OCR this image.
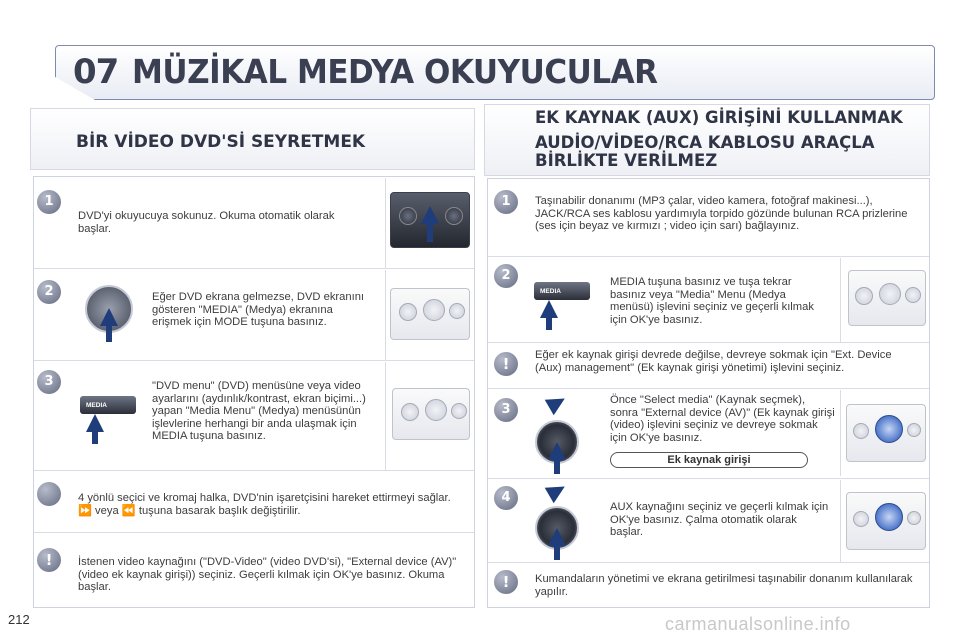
07 MÜZİKAL MEDYA OKUYUCULAR
BİR VİDEO DVD'Sİ SEYRETMEK
1
DVD'yi okuyucuya sokunuz. Okuma otomatik olarak başlar.
2	Eğer DVD ekrana gelmezse, DVD ekranını gösteren "MEDIA" (Medya) ekranına erişmek için MODE tuşuna basınız.
3
MEDIA
"DVD menu" (DVD) menüsüne veya video ayarlarını (aydınlık/kontrast, ekran biçimi...) yapan "Media Menu" (Medya) menüsünün işlevlerine herhangi bir anda ulaşmak için MEDIA tuşuna basınız.
4 yönlü seçici ve kromaj halka, DVD'nin işaretçisini hareket ettirmeyi sağlar. ⏩ veya ⏪ tuşuna basarak başlık değiştirilir.
!	İstenen video kaynağını ("DVD-Video" (video DVD'si), "External device (AV)" (video ek kaynak girişi)) seçiniz. Geçerli kılmak için OK'ye basınız. Okuma başlar.
EK KAYNAK (AUX) GİRİŞİNİ KULLANMAK
AUDİO/VİDEO/RCA KABLOSU ARAÇLA BİRLİKTE VERİLMEZ
1	Taşınabilir donanımı (MP3 çalar, video kamera, fotoğraf makinesi...), JACK/RCA ses kablosu yardımıyla torpido gözünde bulunan RCA prizlerine (ses için beyaz ve kırmızı ; video için sarı) bağlayınız.
2
MEDIA
MEDIA tuşuna basınız ve tuşa tekrar basınız veya "Media" Menu (Medya menüsü) işlevini seçiniz ve geçerli kılmak için OK'ye basınız.
!	Eğer ek kaynak girişi devrede değilse, devreye sokmak için "Ext. Device (Aux) management" (Ek kaynak girişi yönetimi) işlevini seçiniz.
3
Önce "Select media" (Kaynak seçmek), sonra "External device (AV)" (Ek kaynak girişi (video) işlevini seçiniz ve devreye sokmak için OK'ye basınız.
Ek kaynak girişi
4
AUX kaynağını seçiniz ve geçerli kılmak için OK'ye basınız. Çalma otomatik olarak başlar.
!	Kumandaların yönetimi ve ekrana getirilmesi taşınabilir donanım kullanılarak yapılır.
212	carmanualsonline.info
